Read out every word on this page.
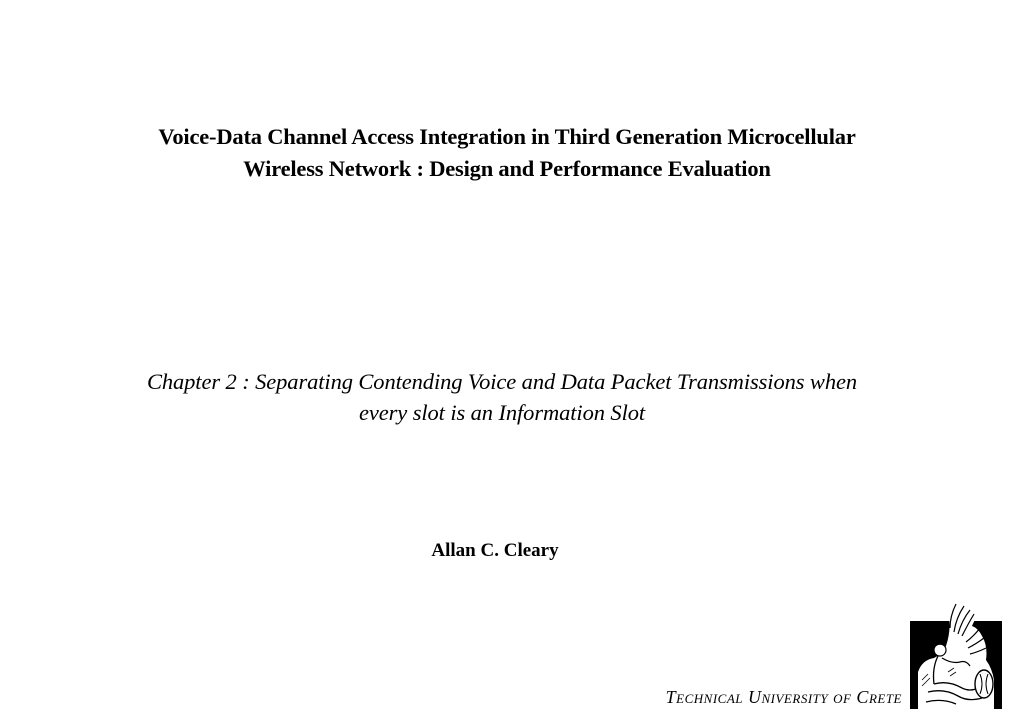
Voice-Data Channel Access Integration in Third Generation Microcellular
Wireless Network : Design and Performance Evaluation
Chapter 2 : Separating Contending Voice and Data Packet Transmissions when
every slot is an Information Slot
Allan C. Cleary
Technical University of Crete
